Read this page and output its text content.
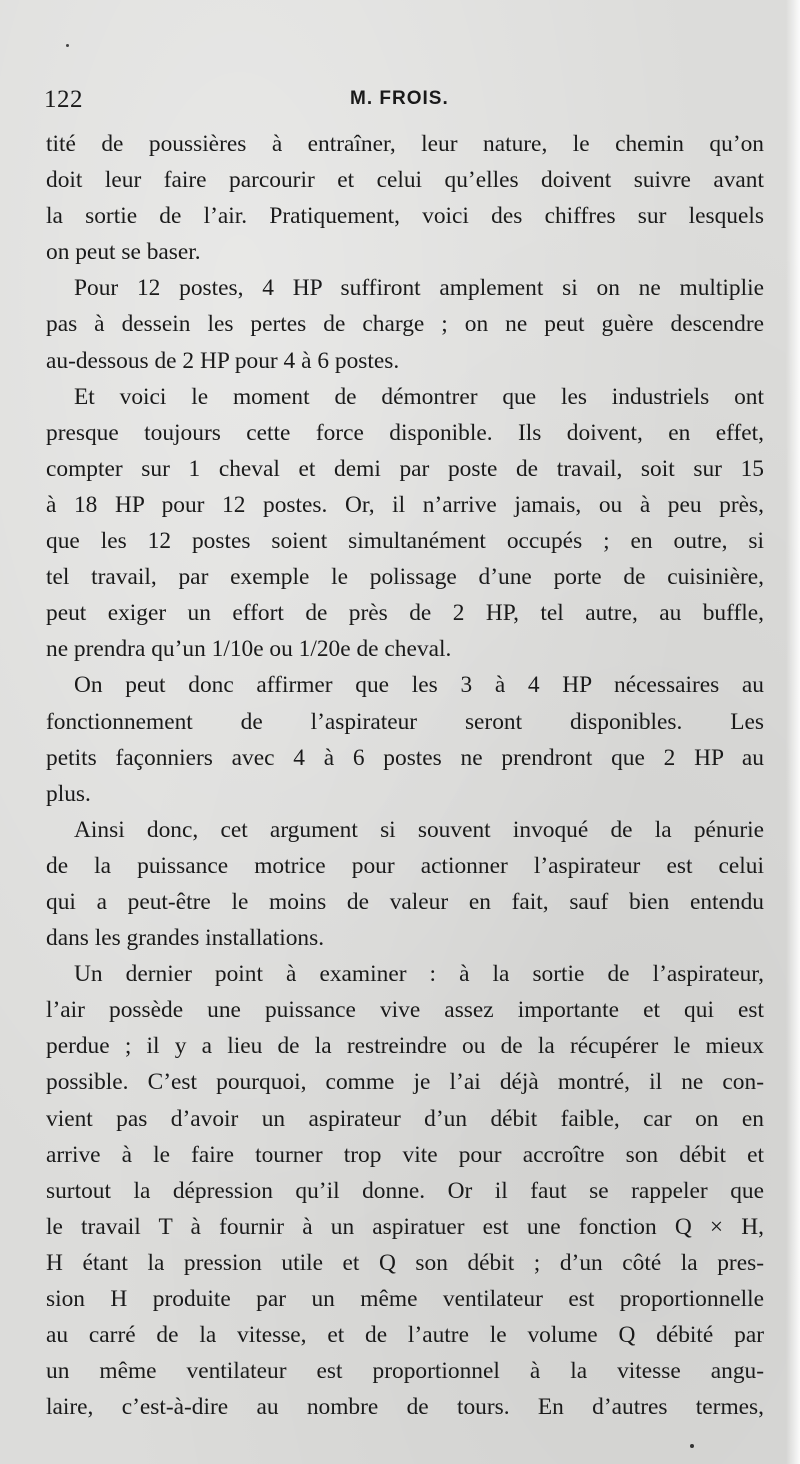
122	M. FROIS.
tité de poussières à entraîner, leur nature, le chemin qu’on
doit leur faire parcourir et celui qu’elles doivent suivre avant
la sortie de l’air. Pratiquement, voici des chiffres sur lesquels
on peut se baser.
Pour 12 postes, 4 HP suffiront amplement si on ne multiplie
pas à dessein les pertes de charge ; on ne peut guère descendre
au-dessous de 2 HP pour 4 à 6 postes.
Et voici le moment de démontrer que les industriels ont
presque toujours cette force disponible. Ils doivent, en effet,
compter sur 1 cheval et demi par poste de travail, soit sur 15
à 18 HP pour 12 postes. Or, il n’arrive jamais, ou à peu près,
que les 12 postes soient simultanément occupés ; en outre, si
tel travail, par exemple le polissage d’une porte de cuisinière,
peut exiger un effort de près de 2 HP, tel autre, au buffle,
ne prendra qu’un 1/10e ou 1/20e de cheval.
On peut donc affirmer que les 3 à 4 HP nécessaires au
fonctionnement de l’aspirateur seront disponibles. Les
petits façonniers avec 4 à 6 postes ne prendront que 2 HP au
plus.
Ainsi donc, cet argument si souvent invoqué de la pénurie
de la puissance motrice pour actionner l’aspirateur est celui
qui a peut-être le moins de valeur en fait, sauf bien entendu
dans les grandes installations.
Un dernier point à examiner : à la sortie de l’aspirateur,
l’air possède une puissance vive assez importante et qui est
perdue ; il y a lieu de la restreindre ou de la récupérer le mieux
possible. C’est pourquoi, comme je l’ai déjà montré, il ne con-
vient pas d’avoir un aspirateur d’un débit faible, car on en
arrive à le faire tourner trop vite pour accroître son débit et
surtout la dépression qu’il donne. Or il faut se rappeler que
le travail T à fournir à un aspiratuer est une fonction Q × H,
H étant la pression utile et Q son débit ; d’un côté la pres-
sion H produite par un même ventilateur est proportionnelle
au carré de la vitesse, et de l’autre le volume Q débité par
un même ventilateur est proportionnel à la vitesse angu-
laire, c’est-à-dire au nombre de tours. En d’autres termes,
